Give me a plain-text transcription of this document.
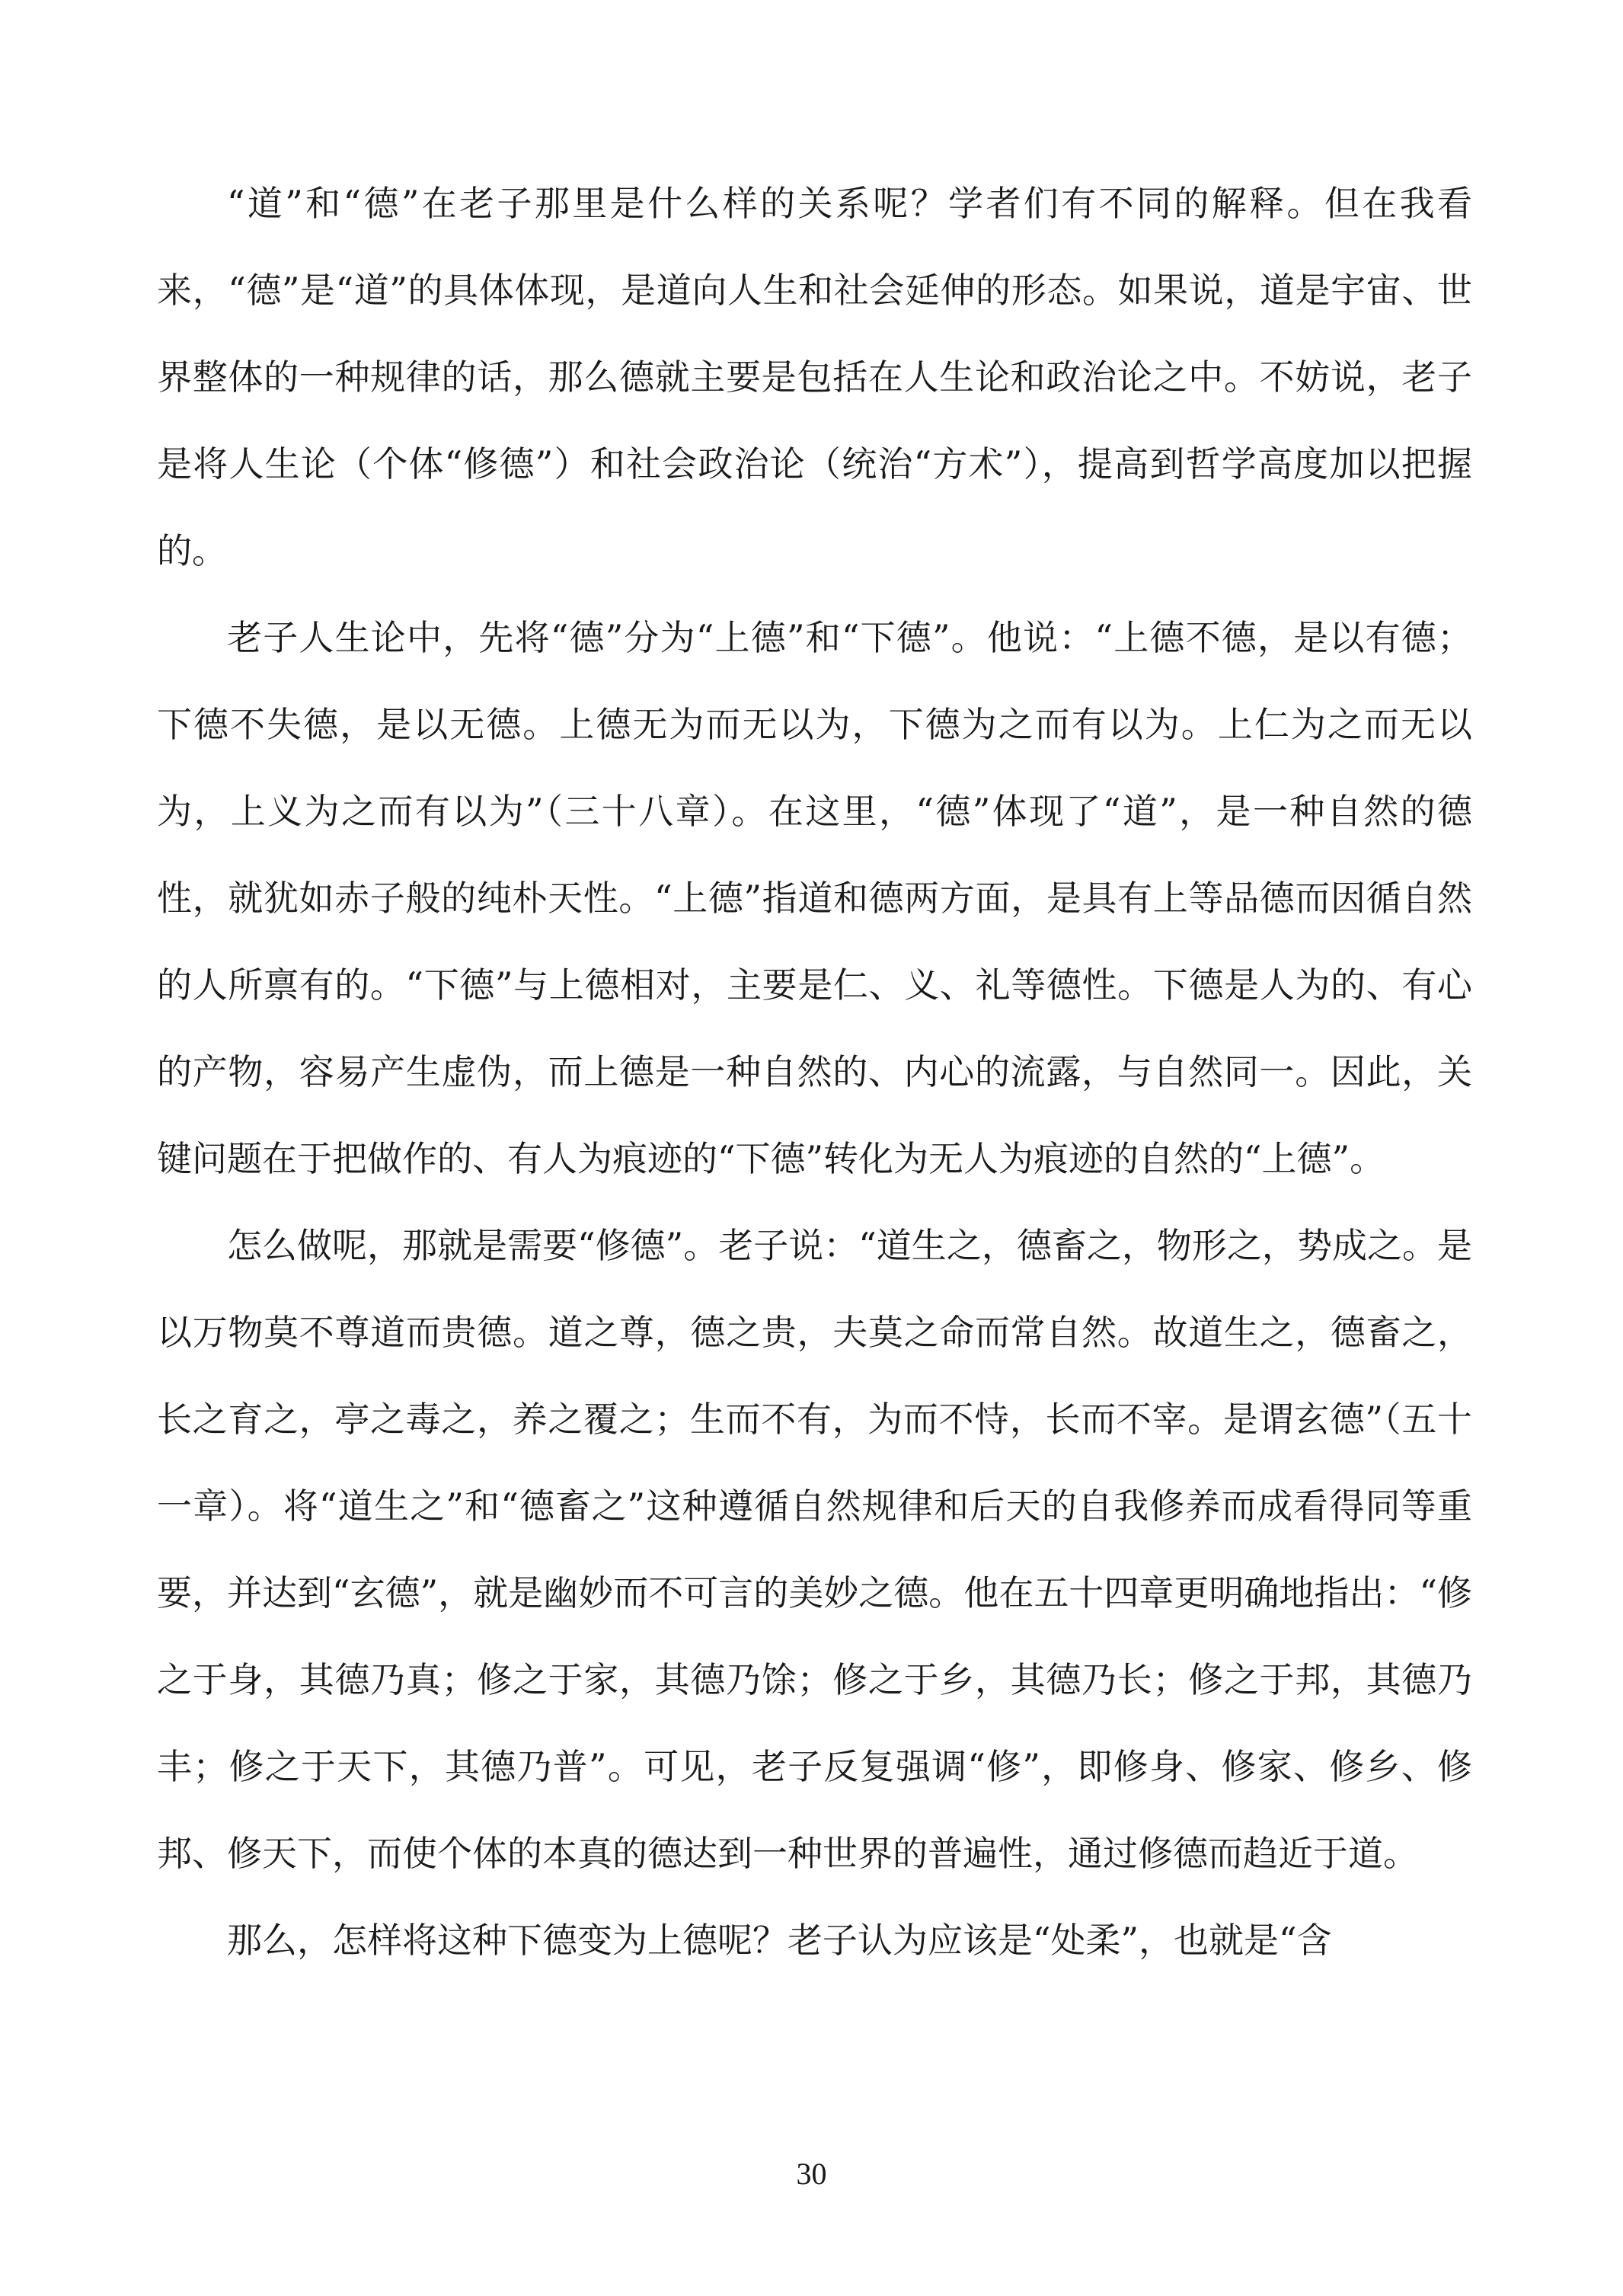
“道”和“德”在老子那里是什么样的关系呢？学者们有不同的解释。但在我看来，“德”是“道”的具体体现，是道向人生和社会延伸的形态。如果说，道是宇宙、世界整体的一种规律的话，那么德就主要是包括在人生论和政治论之中。不妨说，老子是将人生论（个体“修德”）和社会政治论（统治“方术”），提高到哲学高度加以把握的。

老子人生论中，先将“德”分为“上德”和“下德”。他说：“上德不德，是以有德；下德不失德，是以无德。上德无为而无以为，下德为之而有以为。上仁为之而无以为，上义为之而有以为”（三十八章）。在这里，“德”体现了“道”，是一种自然的德性，就犹如赤子般的纯朴天性。“上德”指道和德两方面，是具有上等品德而因循自然的人所禀有的。“下德”与上德相对，主要是仁、义、礼等德性。下德是人为的、有心的产物，容易产生虚伪，而上德是一种自然的、内心的流露，与自然同一。因此，关键问题在于把做作的、有人为痕迹的“下德”转化为无人为痕迹的自然的“上德”。

怎么做呢，那就是需要“修德”。老子说：“道生之，德畜之，物形之，势成之。是以万物莫不尊道而贵德。道之尊，德之贵，夫莫之命而常自然。故道生之，德畜之，长之育之，亭之毒之，养之覆之；生而不有，为而不恃，长而不宰。是谓玄德”（五十一章）。将“道生之”和“德畜之”这种遵循自然规律和后天的自我修养而成看得同等重要，并达到“玄德”，就是幽妙而不可言的美妙之德。他在五十四章更明确地指出：“修之于身，其德乃真；修之于家，其德乃馀；修之于乡，其德乃长；修之于邦，其德乃丰；修之于天下，其德乃普”。可见，老子反复强调“修”，即修身、修家、修乡、修邦、修天下，而使个体的本真的德达到一种世界的普遍性，通过修德而趋近于道。

那么，怎样将这种下德变为上德呢？老子认为应该是“处柔”，也就是“含

30
